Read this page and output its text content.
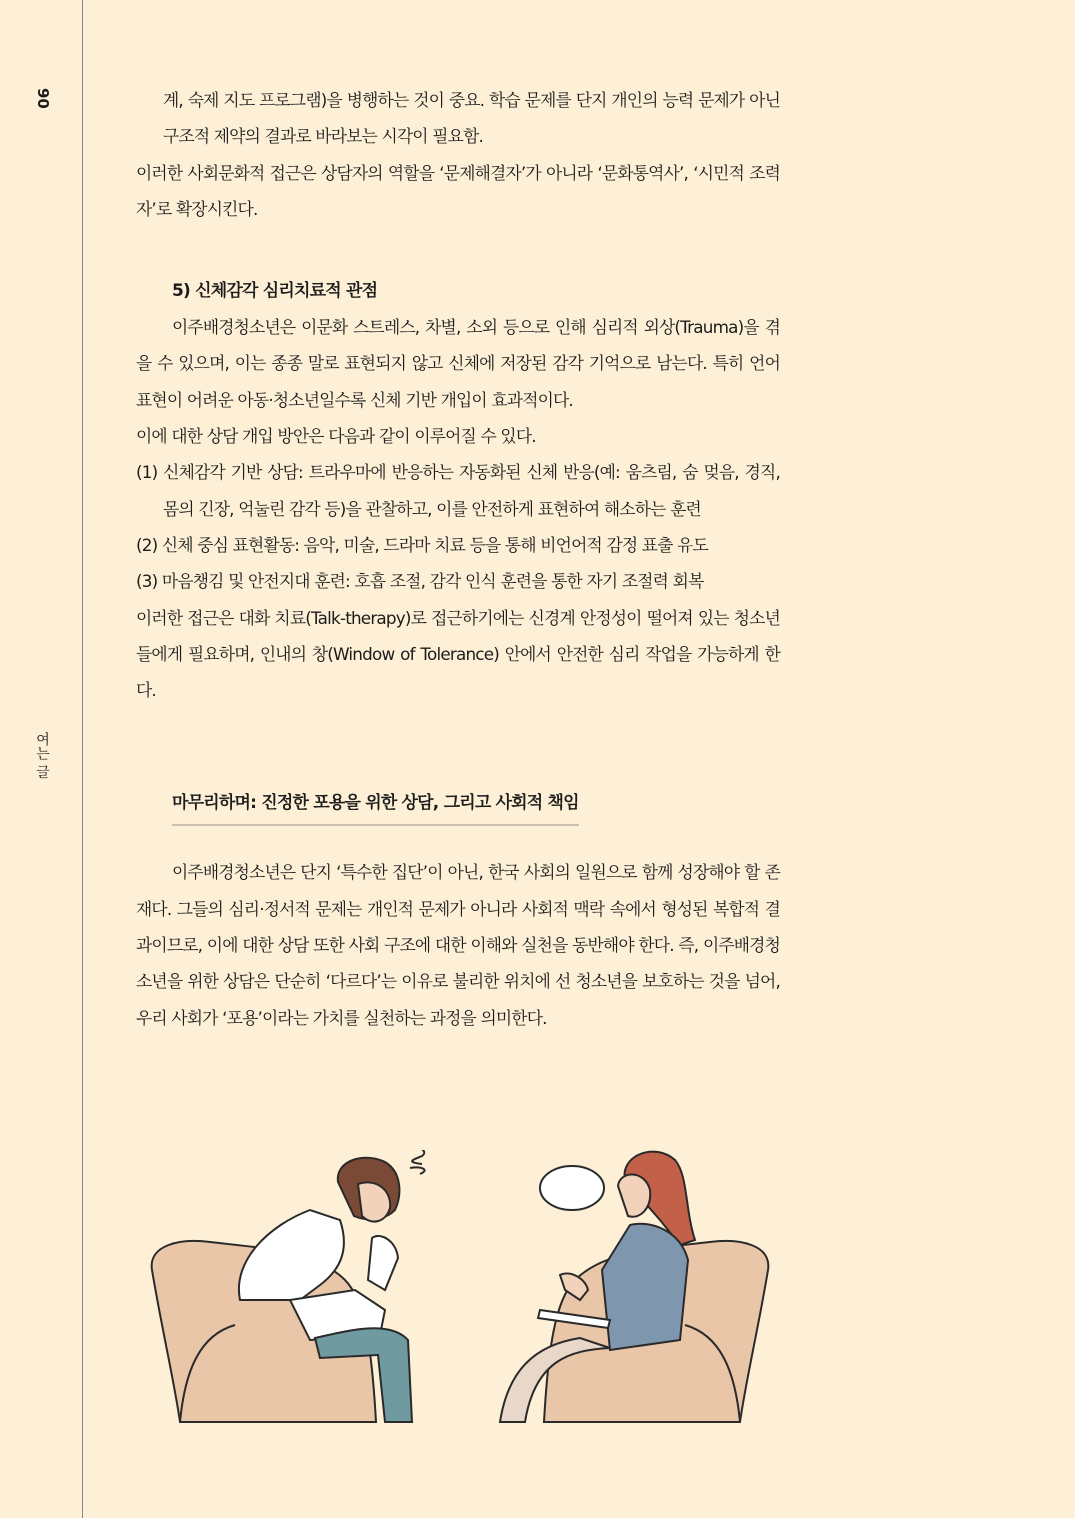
90
여는 글

계, 숙제 지도 프로그램)을 병행하는 것이 중요. 학습 문제를 단지 개인의 능력 문제가 아닌 구조적 제약의 결과로 바라보는 시각이 필요함.

이러한 사회문화적 접근은 상담자의 역할을 ‘문제해결자’가 아니라 ‘문화통역사’, ‘시민적 조력자’로 확장시킨다.

5) 신체감각 심리치료적 관점

이주배경청소년은 이문화 스트레스, 차별, 소외 등으로 인해 심리적 외상(Trauma)을 겪을 수 있으며, 이는 종종 말로 표현되지 않고 신체에 저장된 감각 기억으로 남는다. 특히 언어 표현이 어려운 아동·청소년일수록 신체 기반 개입이 효과적이다.

이에 대한 상담 개입 방안은 다음과 같이 이루어질 수 있다.

(1) 신체감각 기반 상담: 트라우마에 반응하는 자동화된 신체 반응(예: 움츠림, 숨 멎음, 경직, 몸의 긴장, 억눌린 감각 등)을 관찰하고, 이를 안전하게 표현하여 해소하는 훈련

(2) 신체 중심 표현활동: 음악, 미술, 드라마 치료 등을 통해 비언어적 감정 표출 유도

(3) 마음챙김 및 안전지대 훈련: 호흡 조절, 감각 인식 훈련을 통한 자기 조절력 회복

이러한 접근은 대화 치료(Talk-therapy)로 접근하기에는 신경계 안정성이 떨어져 있는 청소년들에게 필요하며, 인내의 창(Window of Tolerance) 안에서 안전한 심리 작업을 가능하게 한다.

마무리하며: 진정한 포용을 위한 상담, 그리고 사회적 책임

이주배경청소년은 단지 ‘특수한 집단’이 아닌, 한국 사회의 일원으로 함께 성장해야 할 존재다. 그들의 심리·정서적 문제는 개인적 문제가 아니라 사회적 맥락 속에서 형성된 복합적 결과이므로, 이에 대한 상담 또한 사회 구조에 대한 이해와 실천을 동반해야 한다. 즉, 이주배경청소년을 위한 상담은 단순히 ‘다르다’는 이유로 불리한 위치에 선 청소년을 보호하는 것을 넘어, 우리 사회가 ‘포용’이라는 가치를 실천하는 과정을 의미한다.
